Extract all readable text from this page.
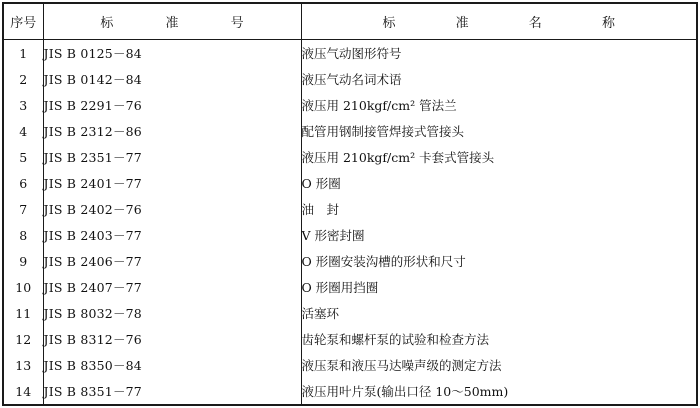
序号	标 准 号	标 准 名 称
1	JIS B 0125－84	液压气动图形符号
2	JIS B 0142－84	液压气动名词术语
3	JIS B 2291－76	液压用 210kgf/cm² 管法兰
4	JIS B 2312－86	配管用钢制接管焊接式管接头
5	JIS B 2351－77	液压用 210kgf/cm² 卡套式管接头
6	JIS B 2401－77	O 形圈
7	JIS B 2402－76	油　封
8	JIS B 2403－77	V 形密封圈
9	JIS B 2406－77	O 形圈安装沟槽的形状和尺寸
10	JIS B 2407－77	O 形圈用挡圈
11	JIS B 8032－78	活塞环
12	JIS B 8312－76	齿轮泵和螺杆泵的试验和检查方法
13	JIS B 8350－84	液压泵和液压马达噪声级的测定方法
14	JIS B 8351－77	液压用叶片泵(输出口径 10～50mm)
